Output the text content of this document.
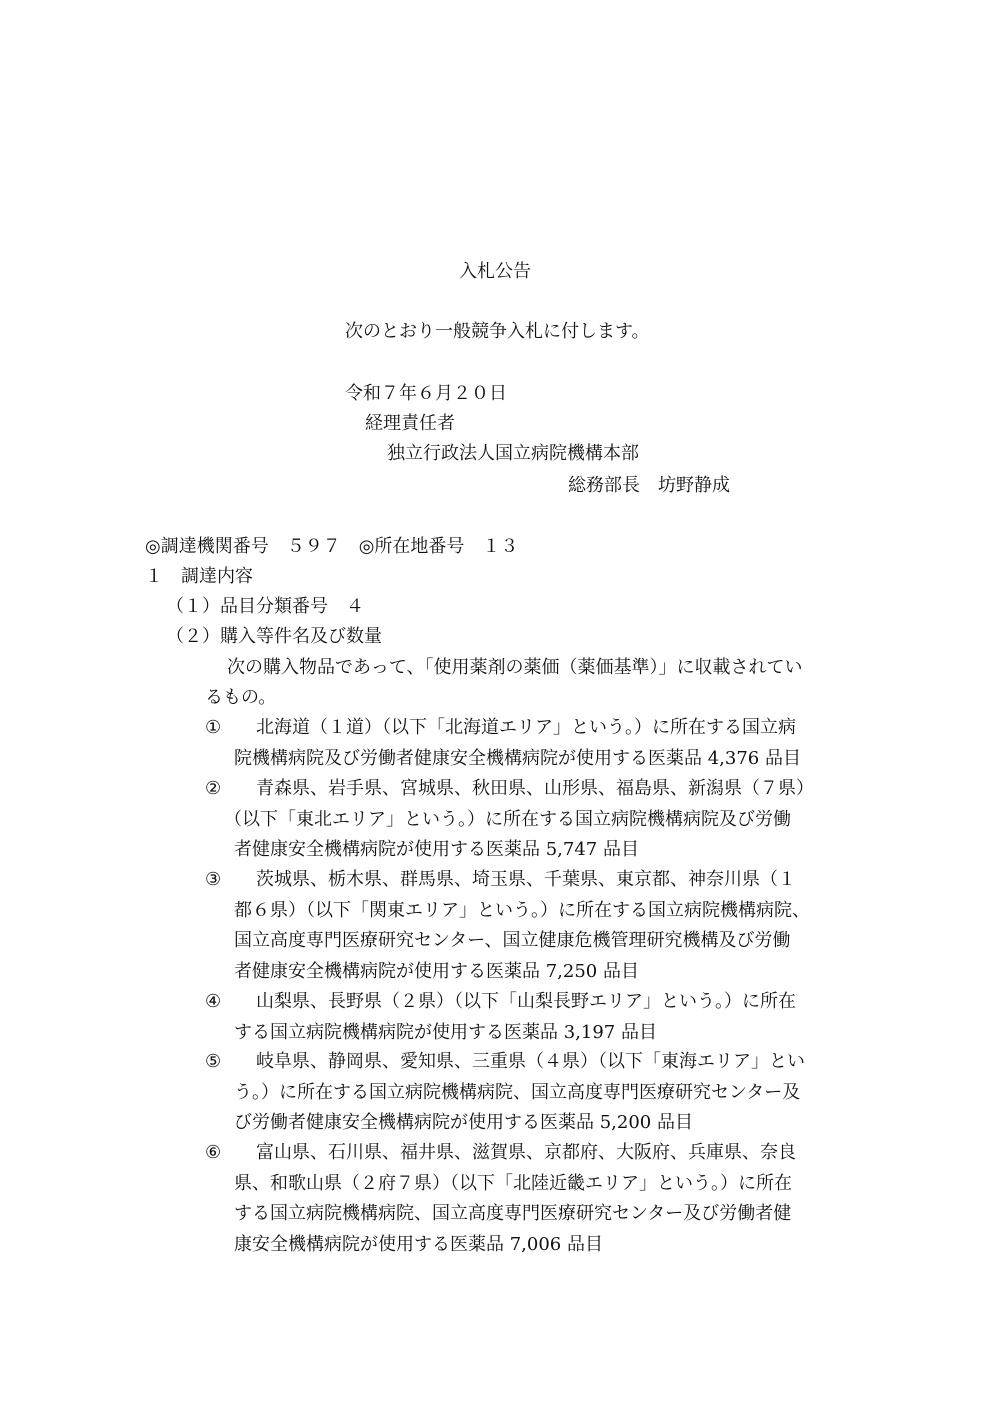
入札公告
次のとおり一般競争入札に付します。
令和７年６月２０日
経理責任者
独立行政法人国立病院機構本部
総務部長　坊野静成
◎調達機関番号　５９７　◎所在地番号　１３
１　調達内容
（１）品目分類番号　４
（２）購入等件名及び数量
次の購入物品であって、「使用薬剤の薬価（薬価基準）」に収載されてい
るもの。
① 北海道（１道）（以下「北海道エリア」という。）に所在する国立病
院機構病院及び労働者健康安全機構病院が使用する医薬品 4,376 品目
② 青森県、岩手県、宮城県、秋田県、山形県、福島県、新潟県（７県）
（以下「東北エリア」という。）に所在する国立病院機構病院及び労働
者健康安全機構病院が使用する医薬品 5,747 品目
③ 茨城県、栃木県、群馬県、埼玉県、千葉県、東京都、神奈川県（１
都６県）（以下「関東エリア」という。）に所在する国立病院機構病院、
国立高度専門医療研究センター、国立健康危機管理研究機構及び労働
者健康安全機構病院が使用する医薬品 7,250 品目
④ 山梨県、長野県（２県）（以下「山梨長野エリア」という。）に所在
する国立病院機構病院が使用する医薬品 3,197 品目
⑤ 岐阜県、静岡県、愛知県、三重県（４県）（以下「東海エリア」とい
う。）に所在する国立病院機構病院、国立高度専門医療研究センター及
び労働者健康安全機構病院が使用する医薬品 5,200 品目
⑥ 富山県、石川県、福井県、滋賀県、京都府、大阪府、兵庫県、奈良
県、和歌山県（２府７県）（以下「北陸近畿エリア」という。）に所在
する国立病院機構病院、国立高度専門医療研究センター及び労働者健
康安全機構病院が使用する医薬品 7,006 品目
